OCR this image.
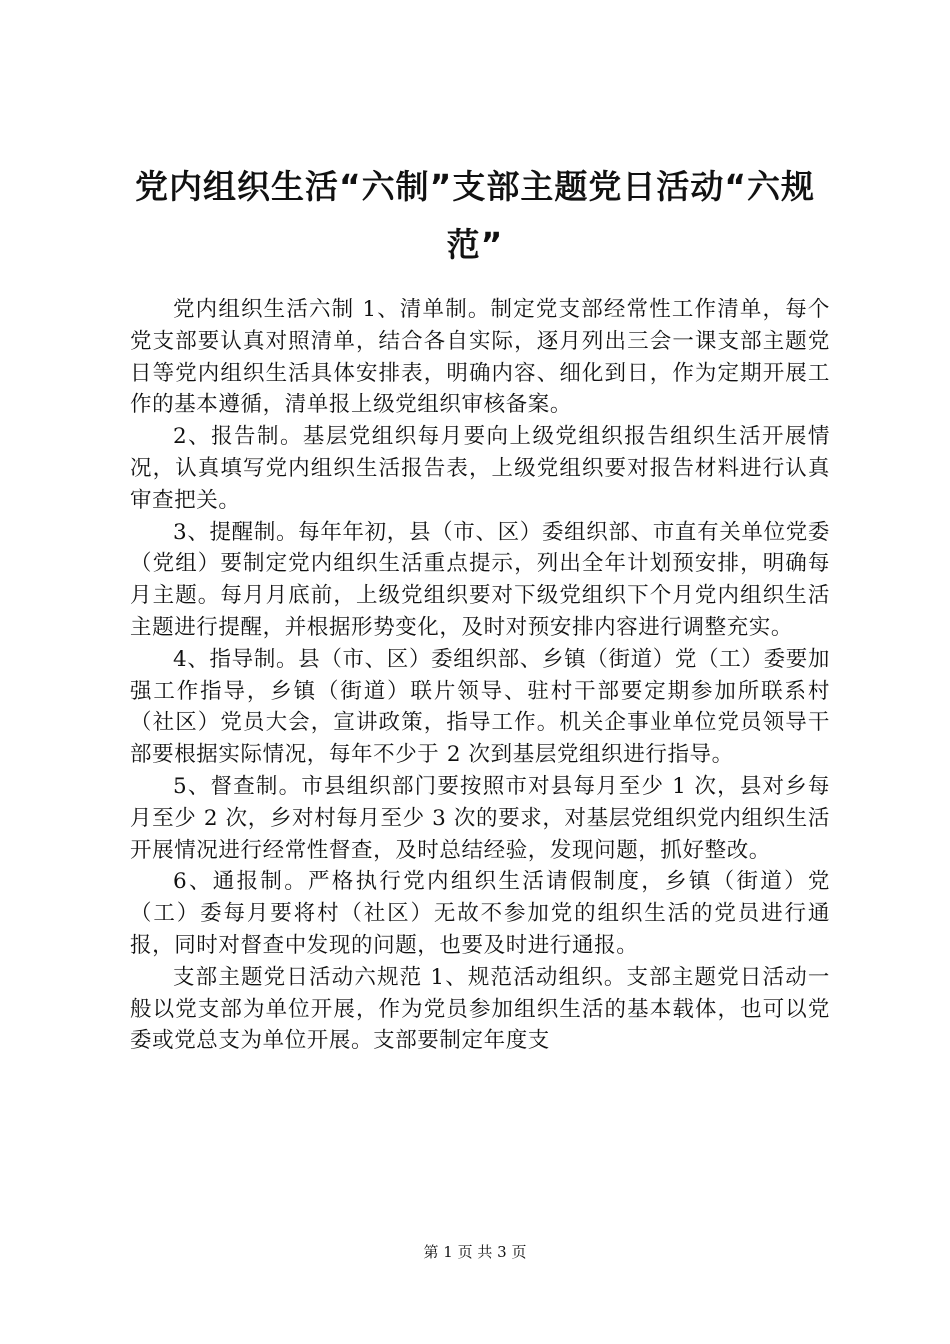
党内组织生活“六制”支部主题党日活动“六规范”

党内组织生活六制 1、清单制。制定党支部经常性工作清单，每个党支部要认真对照清单，结合各自实际，逐月列出三会一课支部主题党日等党内组织生活具体安排表，明确内容、细化到日，作为定期开展工作的基本遵循，清单报上级党组织审核备案。

2、报告制。基层党组织每月要向上级党组织报告组织生活开展情况，认真填写党内组织生活报告表，上级党组织要对报告材料进行认真审查把关。

3、提醒制。每年年初，县（市、区）委组织部、市直有关单位党委（党组）要制定党内组织生活重点提示，列出全年计划预安排，明确每月主题。每月月底前，上级党组织要对下级党组织下个月党内组织生活主题进行提醒，并根据形势变化，及时对预安排内容进行调整充实。

4、指导制。县（市、区）委组织部、乡镇（街道）党（工）委要加强工作指导，乡镇（街道）联片领导、驻村干部要定期参加所联系村（社区）党员大会，宣讲政策，指导工作。机关企事业单位党员领导干部要根据实际情况，每年不少于 2 次到基层党组织进行指导。

5、督查制。市县组织部门要按照市对县每月至少 1 次，县对乡每月至少 2 次，乡对村每月至少 3 次的要求，对基层党组织党内组织生活开展情况进行经常性督查，及时总结经验，发现问题，抓好整改。

6、通报制。严格执行党内组织生活请假制度，乡镇（街道）党（工）委每月要将村（社区）无故不参加党的组织生活的党员进行通报，同时对督查中发现的问题，也要及时进行通报。

支部主题党日活动六规范 1、规范活动组织。支部主题党日活动一般以党支部为单位开展，作为党员参加组织生活的基本载体，也可以党委或党总支为单位开展。支部要制定年度支

第 1 页 共 3 页
